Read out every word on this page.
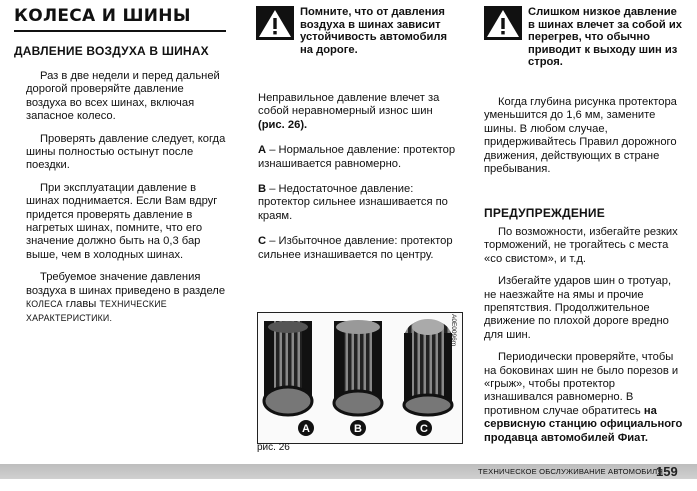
КОЛЕСА И ШИНЫ
ДАВЛЕНИЕ ВОЗДУХА В ШИНАХ

Раз в две недели и перед дальней дорогой проверяйте давление воздуха во всех шинах, включая запасное колесо.

Проверять давление следует, когда шины полностью остынут после поездки.

При эксплуатации давление в шинах поднимается. Если Вам вдруг придется проверять давление в нагретых шинах, помните, что его значение должно быть на 0,3 бар выше, чем в холодных шинах.

Требуемое значение давления воздуха в шинах приведено в разделе КОЛЕСА главы ТЕХНИЧЕСКИЕ ХАРАКТЕРИСТИКИ.

Помните, что от давления воздуха в шинах зависит устойчивость автомобиля на дороге.

Неправильное давление влечет за собой неравномерный износ шин (рис. 26).

А – Нормальное давление: протектор изнашивается равномерно.

В – Недостаточное давление: протектор сильнее изнашивается по краям.

С – Избыточное давление: протектор сильнее изнашивается по центру.

A	B	C
A0E0096m

рис. 26

Слишком низкое давление в шинах влечет за собой их перегрев, что обычно приводит к выходу шин из строя.

Когда глубина рисунка протектора уменьшится до 1,6 мм, замените шины. В любом случае, придерживайтесь Правил дорожного движения, действующих в стране пребывания.

ПРЕДУПРЕЖДЕНИЕ

По возможности, избегайте резких торможений, не трогайтесь с места «со свистом», и т.д.

Избегайте ударов шин о тротуар, не наезжайте на ямы и прочие препятствия. Продолжительное движение по плохой дороге вредно для шин.

Периодически проверяйте, чтобы на боковинах шин не было порезов и «грыж», чтобы протектор изнашивался равномерно. В противном случае обратитесь на сервисную станцию официального продавца автомобилей Фиат.

ТЕХНИЧЕСКОЕ ОБСЛУЖИВАНИЕ АВТОМОБИЛЯ

159
